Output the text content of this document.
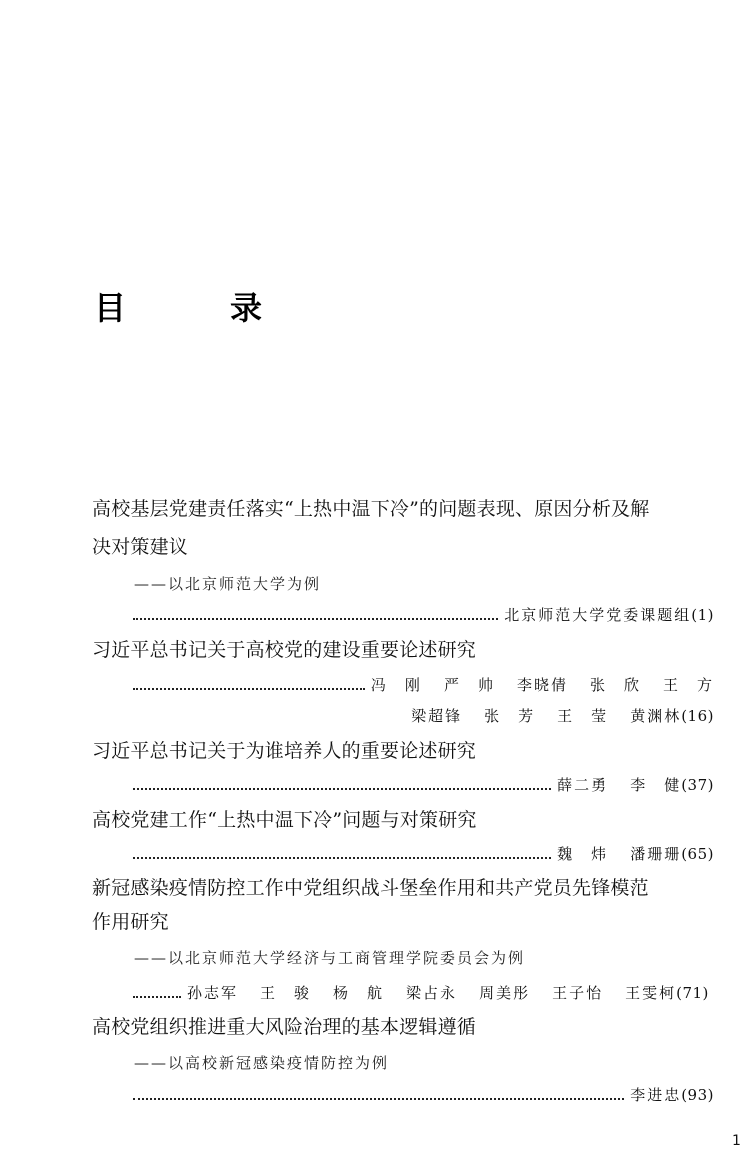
目　录
高校基层党建责任落实“上热中温下冷”的问题表现、原因分析及解
决对策建议
——以北京师范大学为例
北京师范大学党委课题组(1)
习近平总书记关于高校党的建设重要论述研究
冯　刚 严　帅 李晓倩 张　欣 王　方
梁超锋 张　芳 王　莹 黄渊林(16)
习近平总书记关于为谁培养人的重要论述研究
薛二勇 李　健(37)
高校党建工作“上热中温下冷”问题与对策研究
魏　炜 潘珊珊(65)
新冠感染疫情防控工作中党组织战斗堡垒作用和共产党员先锋模范
作用研究
——以北京师范大学经济与工商管理学院委员会为例
孙志军 王　骏 杨　航 梁占永 周美彤 王子怡 王雯柯(71)
高校党组织推进重大风险治理的基本逻辑遵循
——以高校新冠感染疫情防控为例
李进忠(93)
1
